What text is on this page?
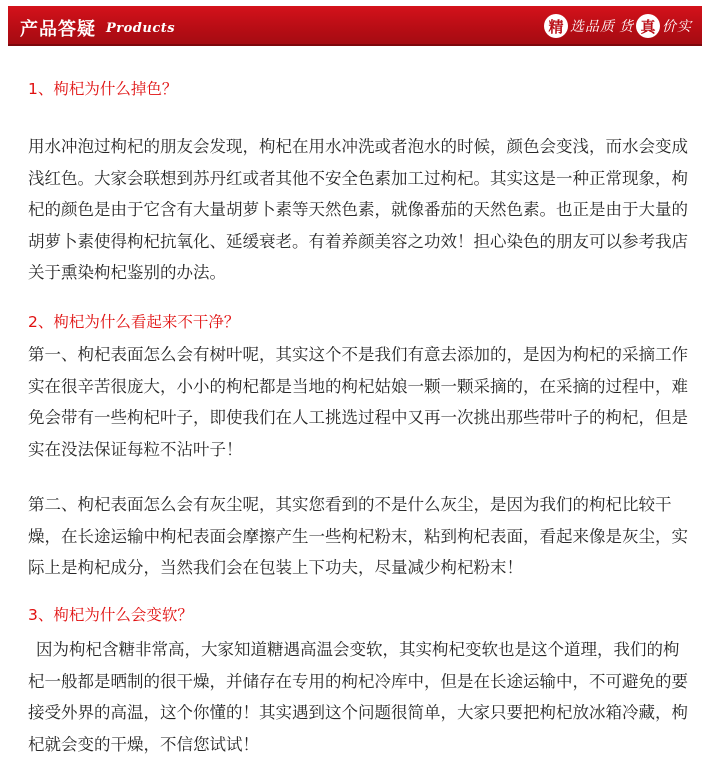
产品答疑 Products	精 选品质 货 真 价实
1、枸杞为什么掉色？

用水冲泡过枸杞的朋友会发现，枸杞在用水冲洗或者泡水的时候，颜色会变浅，而水会变成浅红色。大家会联想到苏丹红或者其他不安全色素加工过枸杞。其实这是一种正常现象，枸杞的颜色是由于它含有大量胡萝卜素等天然色素，就像番茄的天然色素。也正是由于大量的胡萝卜素使得枸杞抗氧化、延缓衰老。有着养颜美容之功效！担心染色的朋友可以参考我店关于熏染枸杞鉴别的办法。

2、枸杞为什么看起来不干净？

第一、枸杞表面怎么会有树叶呢，其实这个不是我们有意去添加的，是因为枸杞的采摘工作实在很辛苦很庞大，小小的枸杞都是当地的枸杞姑娘一颗一颗采摘的，在采摘的过程中，难免会带有一些枸杞叶子，即使我们在人工挑选过程中又再一次挑出那些带叶子的枸杞，但是实在没法保证每粒不沾叶子！

第二、枸杞表面怎么会有灰尘呢，其实您看到的不是什么灰尘，是因为我们的枸杞比较干燥，在长途运输中枸杞表面会摩擦产生一些枸杞粉末，粘到枸杞表面，看起来像是灰尘，实际上是枸杞成分，当然我们会在包装上下功夫，尽量减少枸杞粉末！

3、枸杞为什么会变软？

因为枸杞含糖非常高，大家知道糖遇高温会变软，其实枸杞变软也是这个道理，我们的枸杞一般都是晒制的很干燥，并储存在专用的枸杞冷库中，但是在长途运输中，不可避免的要接受外界的高温，这个你懂的！其实遇到这个问题很简单，大家只要把枸杞放冰箱冷藏，枸杞就会变的干燥，不信您试试！
